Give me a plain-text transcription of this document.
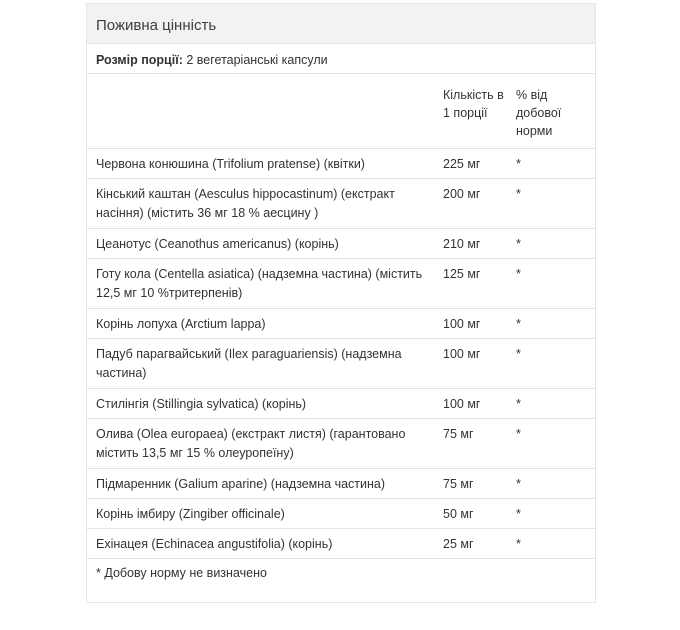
Поживна цінність
Розмір порції: 2 вегетаріанські капсули
	Кількість в 1 порції	% від добової норми
Червона конюшина (Trifolium pratense) (квітки)	225 мг	*
Кінський каштан (Aesculus hippocastinum) (екстракт насіння) (містить 36 мг 18 % аесцину )	200 мг	*
Цеанотус (Ceanothus americanus) (корінь)	210 мг	*
Готу кола (Centella asiatica) (надземна частина) (містить 12,5 мг 10 %тритерпенів)	125 мг	*
Корінь лопуха (Arctium lappa)	100 мг	*
Падуб парагвайський (Ilex paraguariensis) (надземна частина)	100 мг	*
Стилінгія (Stillingia sylvatica) (корінь)	100 мг	*
Олива (Olea europaea) (екстракт листя) (гарантовано містить 13,5 мг 15 % олеуропеїну)	75 мг	*
Підмаренник (Galium aparine) (надземна частина)	75 мг	*
Корінь імбиру (Zingiber officinale)	50 мг	*
Ехінацея (Echinacea angustifolia) (корінь)	25 мг	*
* Добову норму не визначено
